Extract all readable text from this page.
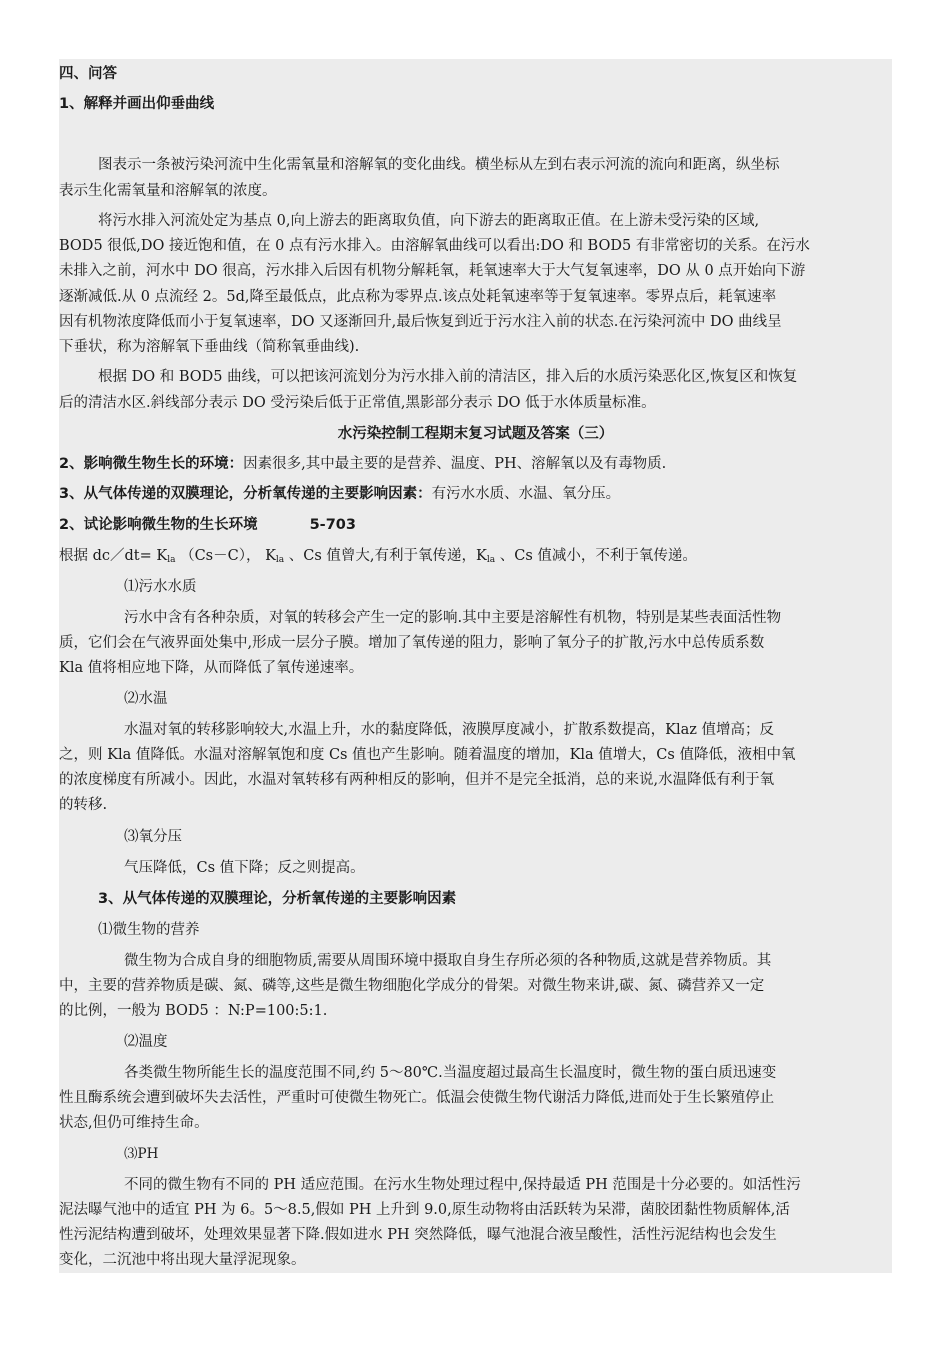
四、问答
1、解释并画出仰垂曲线
图表示一条被污染河流中生化需氧量和溶解氧的变化曲线。横坐标从左到右表示河流的流向和距离，纵坐标
表示生化需氧量和溶解氧的浓度。
将污水排入河流处定为基点 0,向上游去的距离取负值，向下游去的距离取正值。在上游未受污染的区域,
BOD5 很低,DO 接近饱和值，在 0 点有污水排入。由溶解氧曲线可以看出:DO 和 BOD5 有非常密切的关系。在污水
未排入之前，河水中 DO 很高，污水排入后因有机物分解耗氧，耗氧速率大于大气复氧速率，DO 从 0 点开始向下游
逐渐减低.从 0 点流经 2。5d,降至最低点，此点称为零界点.该点处耗氧速率等于复氧速率。零界点后，耗氧速率
因有机物浓度降低而小于复氧速率，DO 又逐渐回升,最后恢复到近于污水注入前的状态.在污染河流中 DO 曲线呈
下垂状，称为溶解氧下垂曲线（简称氧垂曲线).
根据 DO 和 BOD5 曲线，可以把该河流划分为污水排入前的清洁区，排入后的水质污染恶化区,恢复区和恢复
后的清洁水区.斜线部分表示 DO 受污染后低于正常值,黑影部分表示 DO 低于水体质量标准。
水污染控制工程期末复习试题及答案（三）
2、影响微生物生长的环境：因素很多,其中最主要的是营养、温度、PH、溶解氧以及有毒物质.
3、从气体传递的双膜理论，分析氧传递的主要影响因素：有污水水质、水温、氧分压。
2、试论影响微生物的生长环境	5-703
根据 dc／dt= $K_{la}$ （Cs－C）， $K_{la}$ 、Cs 值曾大,有利于氧传递，$K_{la}$ 、Cs 值减小，不利于氧传递。
⑴污水水质
污水中含有各种杂质，对氧的转移会产生一定的影响.其中主要是溶解性有机物，特别是某些表面活性物
质，它们会在气液界面处集中,形成一层分子膜。增加了氧传递的阻力，影响了氧分子的扩散,污水中总传质系数
Kla 值将相应地下降，从而降低了氧传递速率。
⑵水温
水温对氧的转移影响较大,水温上升，水的黏度降低，液膜厚度减小，扩散系数提高，Klaz 值增高；反
之，则 Kla 值降低。水温对溶解氧饱和度 Cs 值也产生影响。随着温度的增加，Kla 值增大，Cs 值降低，液相中氧
的浓度梯度有所减小。因此，水温对氧转移有两种相反的影响，但并不是完全抵消，总的来说,水温降低有利于氧
的转移.
⑶氧分压
气压降低，Cs 值下降；反之则提高。
3、从气体传递的双膜理论，分析氧传递的主要影响因素
⑴微生物的营养
微生物为合成自身的细胞物质,需要从周围环境中摄取自身生存所必须的各种物质,这就是营养物质。其
中，主要的营养物质是碳、氮、磷等,这些是微生物细胞化学成分的骨架。对微生物来讲,碳、氮、磷营养又一定
的比例，一般为 BOD5 ：N:P=100:5:1.
⑵温度
各类微生物所能生长的温度范围不同,约 5～80℃.当温度超过最高生长温度时，微生物的蛋白质迅速变
性且酶系统会遭到破坏失去活性，严重时可使微生物死亡。低温会使微生物代谢活力降低,进而处于生长繁殖停止
状态,但仍可维持生命。
⑶PH
不同的微生物有不同的 PH 适应范围。在污水生物处理过程中,保持最适 PH 范围是十分必要的。如活性污
泥法曝气池中的适宜 PH 为 6。5～8.5,假如 PH 上升到 9.0,原生动物将由活跃转为呆滞，菌胶团黏性物质解体,活
性污泥结构遭到破坏，处理效果显著下降.假如进水 PH 突然降低，曝气池混合液呈酸性，活性污泥结构也会发生
变化，二沉池中将出现大量浮泥现象。
